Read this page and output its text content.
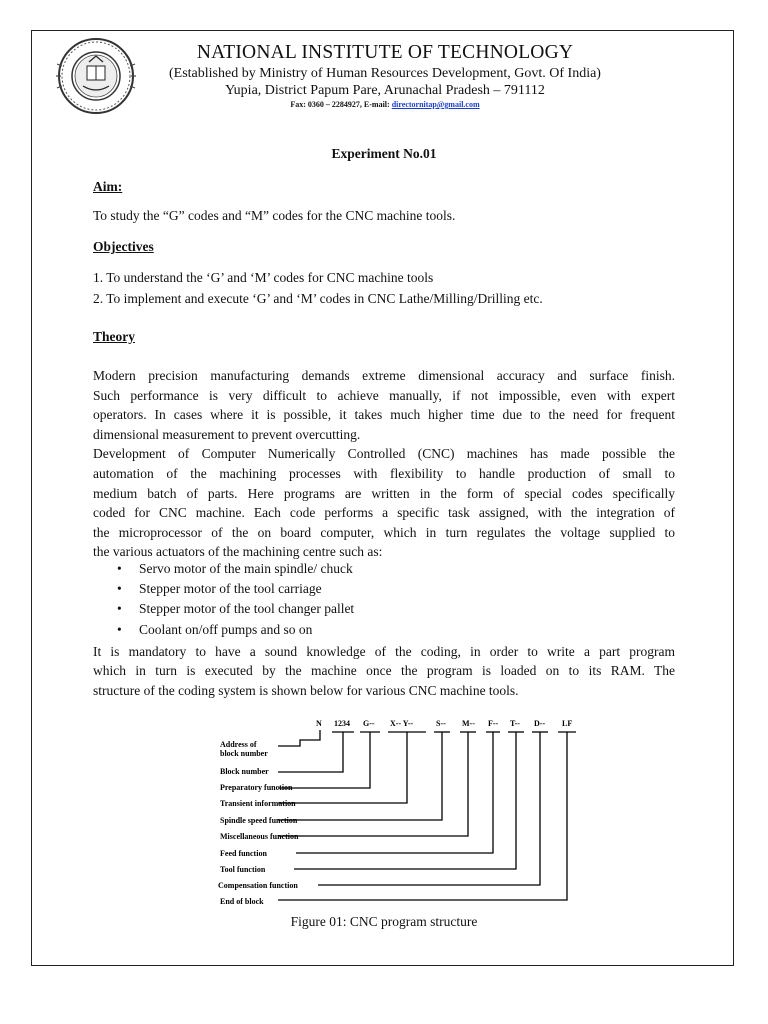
NATIONAL INSTITUTE OF TECHNOLOGY
(Established by Ministry of Human Resources Development, Govt. Of India)
Yupia, District Papum Pare, Arunachal Pradesh – 791112
Fax: 0360 – 2284927, E-mail: directornitap@gmail.com
Experiment No.01
Aim:
To study the “G” codes and “M” codes for the CNC machine tools.
Objectives
1. To understand the ‘G’ and ‘M’ codes for CNC machine tools
2. To implement and execute ‘G’ and ‘M’ codes in CNC Lathe/Milling/Drilling etc.
Theory
Modern precision manufacturing demands extreme dimensional accuracy and surface finish.
Such performance is very difficult to achieve manually, if not impossible, even with expert
operators. In cases where it is possible, it takes much higher time due to the need for frequent
dimensional measurement to prevent overcutting.
Development of Computer Numerically Controlled (CNC) machines has made possible the
automation of the machining processes with flexibility to handle production of small to
medium batch of parts. Here programs are written in the form of special codes specifically
coded for CNC machine. Each code performs a specific task assigned, with the integration of
the microprocessor of the on board computer, which in turn regulates the voltage supplied to
the various actuators of the machining centre such as:
• Servo motor of the main spindle/ chuck
• Stepper motor of the tool carriage
• Stepper motor of the tool changer pallet
• Coolant on/off pumps and so on
It is mandatory to have a sound knowledge of the coding, in order to write a part program
which in turn is executed by the machine once the program is loaded on to its RAM. The
structure of the coding system is shown below for various CNC machine tools.
N 1234 G-- X-- Y--	S-- M-- F-- T-- D-- LF
Address of
block number
Block number
Preparatory function
Transient information
Spindle speed function
Miscellaneous function
Feed function
Tool function
Compensation function
End of block
Figure 01: CNC program structure
